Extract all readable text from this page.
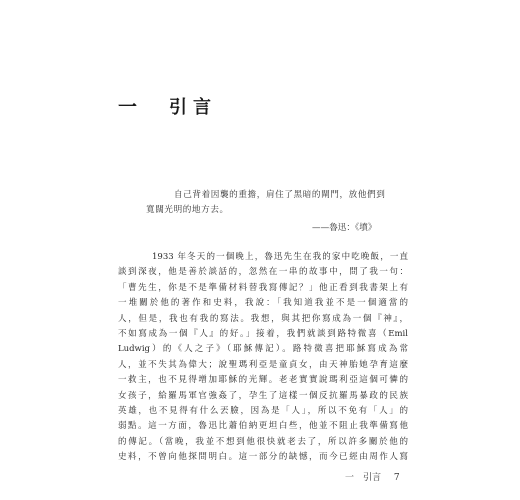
一 引言
自己背着因襲的重擔，肩住了黑暗的閘門，放他們到
寬闊光明的地方去。
——魯迅：《墳》
1933 年冬天的一個晚上，魯迅先生在我的家中吃晚飯，一直
談到深夜，他是善於談話的，忽然在一串的故事中，問了我一句：
「曹先生，你是不是準備材料替我寫傳記？」他正看到我書架上有
一堆關於他的著作和史料，我說：「我知道我並不是一個適當的
人，但是，我也有我的寫法。我想，與其把你寫成為一個『神』，
不如寫成為一個『人』的好。」接着，我們就談到路特微喜（Emil
Ludwig）的《人之子》（耶穌傳記）。路特微喜把耶穌寫成為常
人，並不失其為偉大；說聖瑪利亞是童貞女，由天神胎她孕育這麼
一救主，也不見得增加耶穌的光輝。老老實實說瑪利亞這個可憐的
女孩子，給羅馬軍官強姦了，孕生了這樣一個反抗羅馬暴政的民族
英雄，也不見得有什么丟臉，因為是「人」，所以不免有「人」的
弱點。這一方面，魯迅比蕭伯納更坦白些，他並不阻止我準備寫他
的傳記。（當晚，我並不想到他很快就老去了，所以許多關於他的
史料，不曾向他探問明白。這一部分的缺憾，而今已經由周作人寫
一　引言 7
